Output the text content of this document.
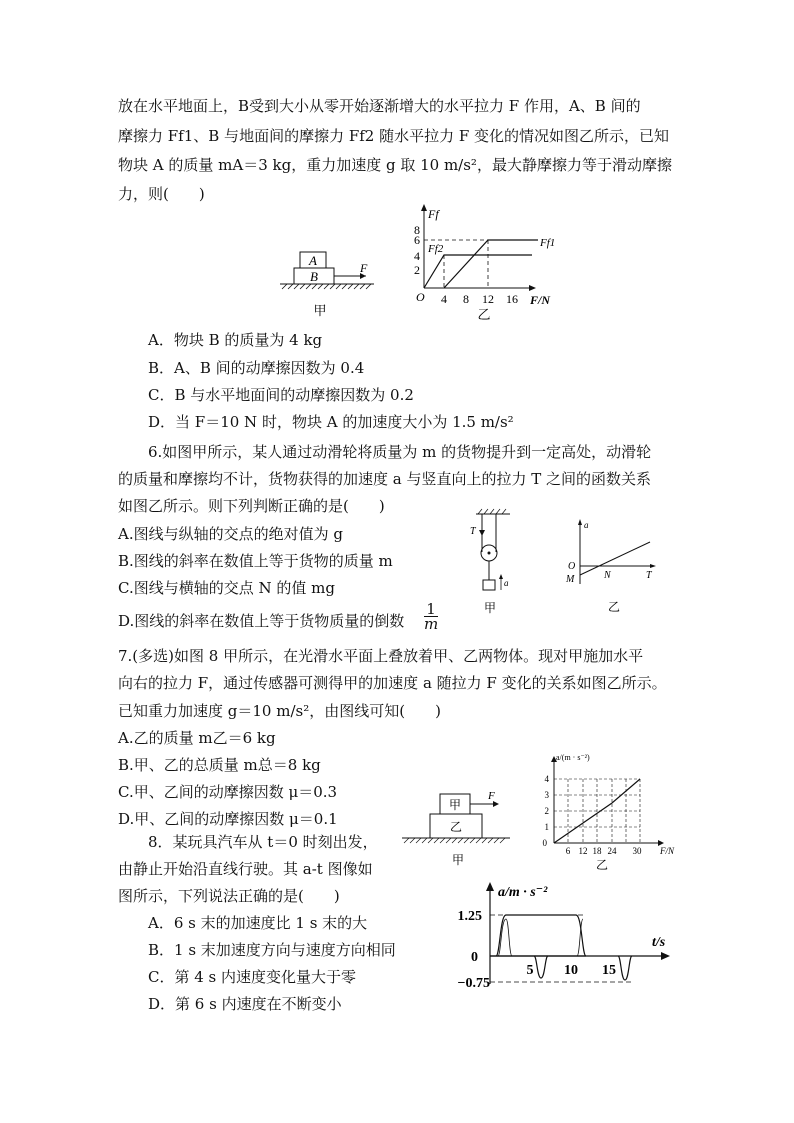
放在水平地面上，B受到大小从零开始逐渐增大的水平拉力 F 作用，A、B 间的
摩擦力 Ff1、B 与地面间的摩擦力 Ff2 随水平拉力 F 变化的情况如图乙所示，已知
物块 A 的质量 mA＝3 kg，重力加速度 g 取 10 m/s²，最大静摩擦力等于滑动摩擦
力，则(　　)
A
B
F
甲
Ff
F/N
O
8
6
4
2
4 8 12 16
Ff2	Ff1
乙
A．物块 B 的质量为 4 kg
B．A、B 间的动摩擦因数为 0.4
C．B 与水平地面间的动摩擦因数为 0.2
D．当 F＝10 N 时，物块 A 的加速度大小为 1.5 m/s²
6.如图甲所示，某人通过动滑轮将质量为 m 的货物提升到一定高处，动滑轮
的质量和摩擦均不计，货物获得的加速度 a 与竖直向上的拉力 T 之间的函数关系
如图乙所示。则下列判断正确的是(　　)
A.图线与纵轴的交点的绝对值为 g
B.图线的斜率在数值上等于货物的质量 m
C.图线与横轴的交点 N 的值 mg
D.图线的斜率在数值上等于货物质量的倒数 $\frac{1}{m}$
T
a
甲
a
T
O
M	N
乙
7.(多选)如图 8 甲所示，在光滑水平面上叠放着甲、乙两物体。现对甲施加水平
向右的拉力 F，通过传感器可测得甲的加速度 a 随拉力 F 变化的关系如图乙所示。
已知重力加速度 g＝10 m/s²，由图线可知(　　)
A.乙的质量 m乙＝6 kg
B.甲、乙的总质量 m总＝8 kg
C.甲、乙间的动摩擦因数 μ＝0.3
D.甲、乙间的动摩擦因数 μ＝0.1
甲
乙
F
甲
a/(m · s⁻²)
F/N
4
3
2
1
0
6 12 18 24 30
乙
8．某玩具汽车从 t＝0 时刻出发，
由静止开始沿直线行驶。其 a-t 图像如
图所示，下列说法正确的是(　　)
A．6 s 末的加速度比 1 s 末的大
B．1 s 末加速度方向与速度方向相同
C．第 4 s 内速度变化量大于零
D．第 6 s 内速度在不断变小
a/m · s⁻²
t/s
1.25
0
−0.75
5 10 15
